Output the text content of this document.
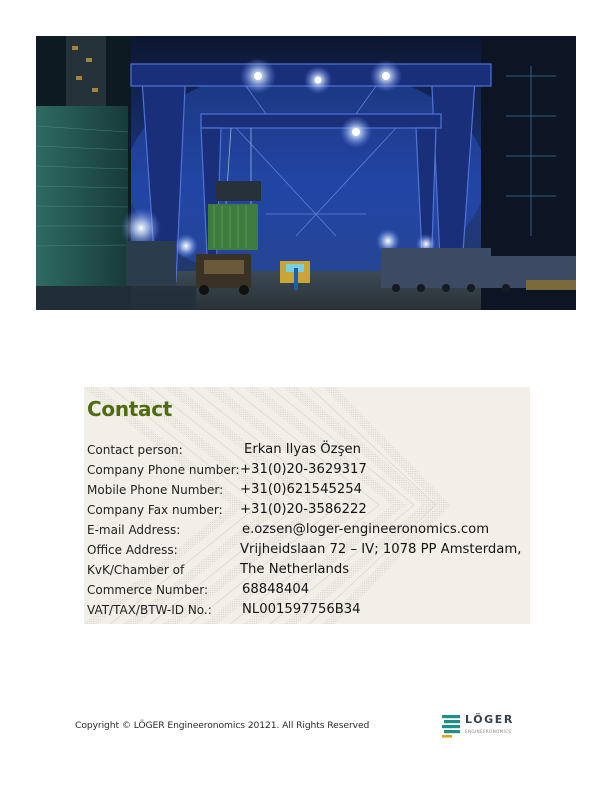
Contact
Contact person:	Erkan Ilyas Özşen
Company Phone number: +31(0)20-3629317
Mobile Phone Number: +31(0)621545254
Company Fax number: +31(0)20-3586222
E-mail Address:	e.ozsen@loger-engineeronomics.com
Office Address:	Vrijheidslaan 72 – IV; 1078 PP Amsterdam,
KvK/Chamber of	The Netherlands
Commerce Number:	68848404
VAT/TAX/BTW-ID No.: NL001597756B34
Copyright © LÖGER Engineeronomics 20121. All Rights Reserved	LÖGER
ENGINEERONOMICS
